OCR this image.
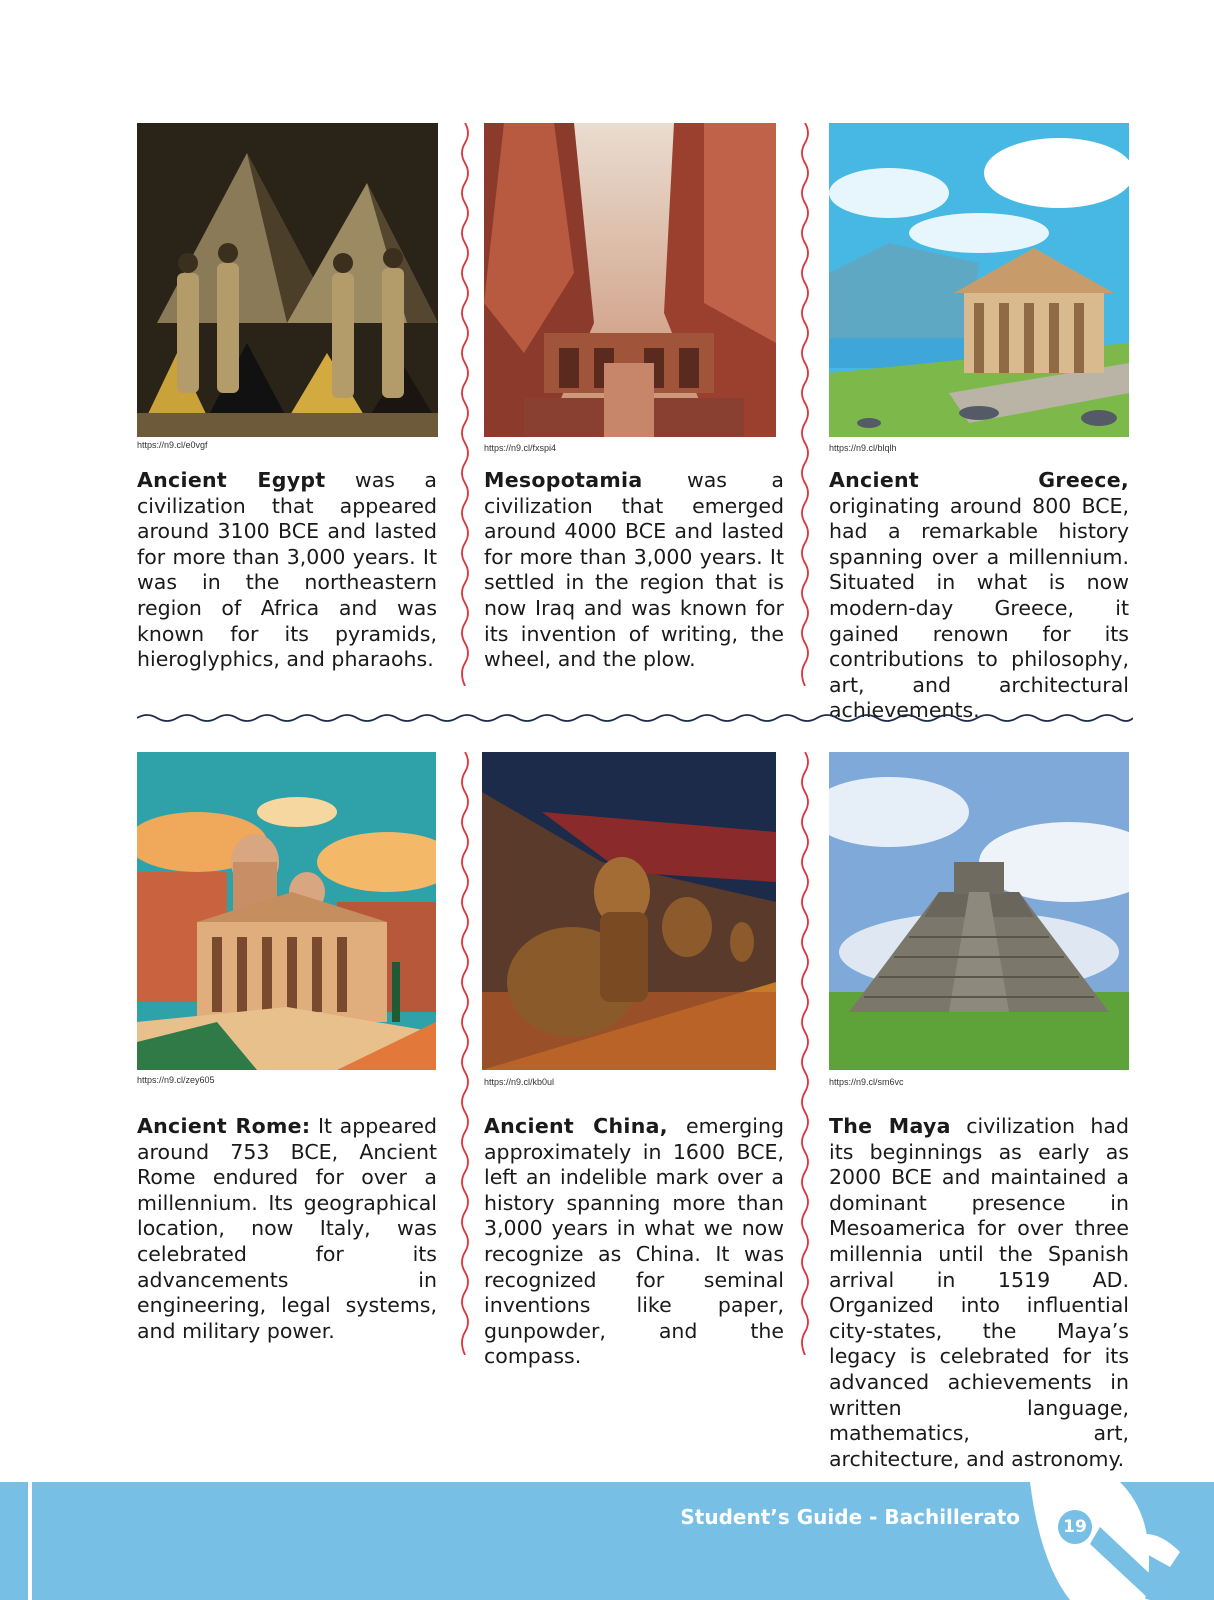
https://n9.cl/e0vgf	https://n9.cl/fxspi4	https://n9.cl/blqlh
Ancient Egypt was a civilization that appeared around 3100 BCE and lasted for more than 3,000 years. It was in the northeastern region of Africa and was known for its pyramids, hieroglyphics, and pharaohs.
Mesopotamia was a civilization that emerged around 4000 BCE and lasted for more than 3,000 years. It settled in the region that is now Iraq and was known for its invention of writing, the wheel, and the plow.
Ancient Greece, originating around 800 BCE, had a remarkable history spanning over a millennium. Situated in what is now modern-day Greece, it gained renown for its contributions to philosophy, art, and architectural achievements.
https://n9.cl/zey605	https://n9.cl/kb0ul	https://n9.cl/sm6vc
Ancient Rome: It appeared around 753 BCE, Ancient Rome endured for over a millennium. Its geographical location, now Italy, was celebrated for its advancements in engineering, legal systems, and military power.
Ancient China, emerging approximately in 1600 BCE, left an indelible mark over a history spanning more than 3,000 years in what we now recognize as China. It was recognized for seminal inventions like paper, gunpowder, and the compass.
The Maya civilization had its beginnings as early as 2000 BCE and maintained a dominant presence in Mesoamerica for over three millennia until the Spanish arrival in 1519 AD. Organized into influential city-states, the Maya’s legacy is celebrated for its advanced achievements in written language, mathematics, art, architecture, and astronomy.
Student’s Guide - Bachillerato	19
